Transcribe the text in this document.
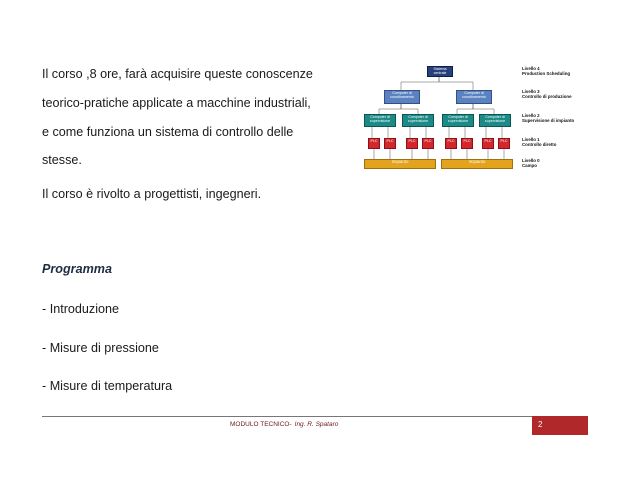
Il corso ,8 ore, farà acquisire queste conoscenze
teorico-pratiche applicate a macchine industriali,
e come funziona un sistema di controllo delle
stesse.
Il corso è rivolto a progettisti, ingegneri.
Programma
- Introduzione
- Misure di pressione
- Misure di temperatura
Sistema centrale
Computer di coordinamento
Computer di coordinamento
Computer di supervisione
Computer di supervisione
Computer di supervisione
Computer di supervisione
PLC	PLC	PLC	PLC	PLC	PLC	PLC	PLC
Impianto	Impianto
Livello 4
Production Scheduling
Livello 3
Controllo di produzione
Livello 2
Supervisione di impianto
Livello 1
Controllo diretto
Livello 0
Campo
MODULO TECNICO- Ing. R. Spataro	2
